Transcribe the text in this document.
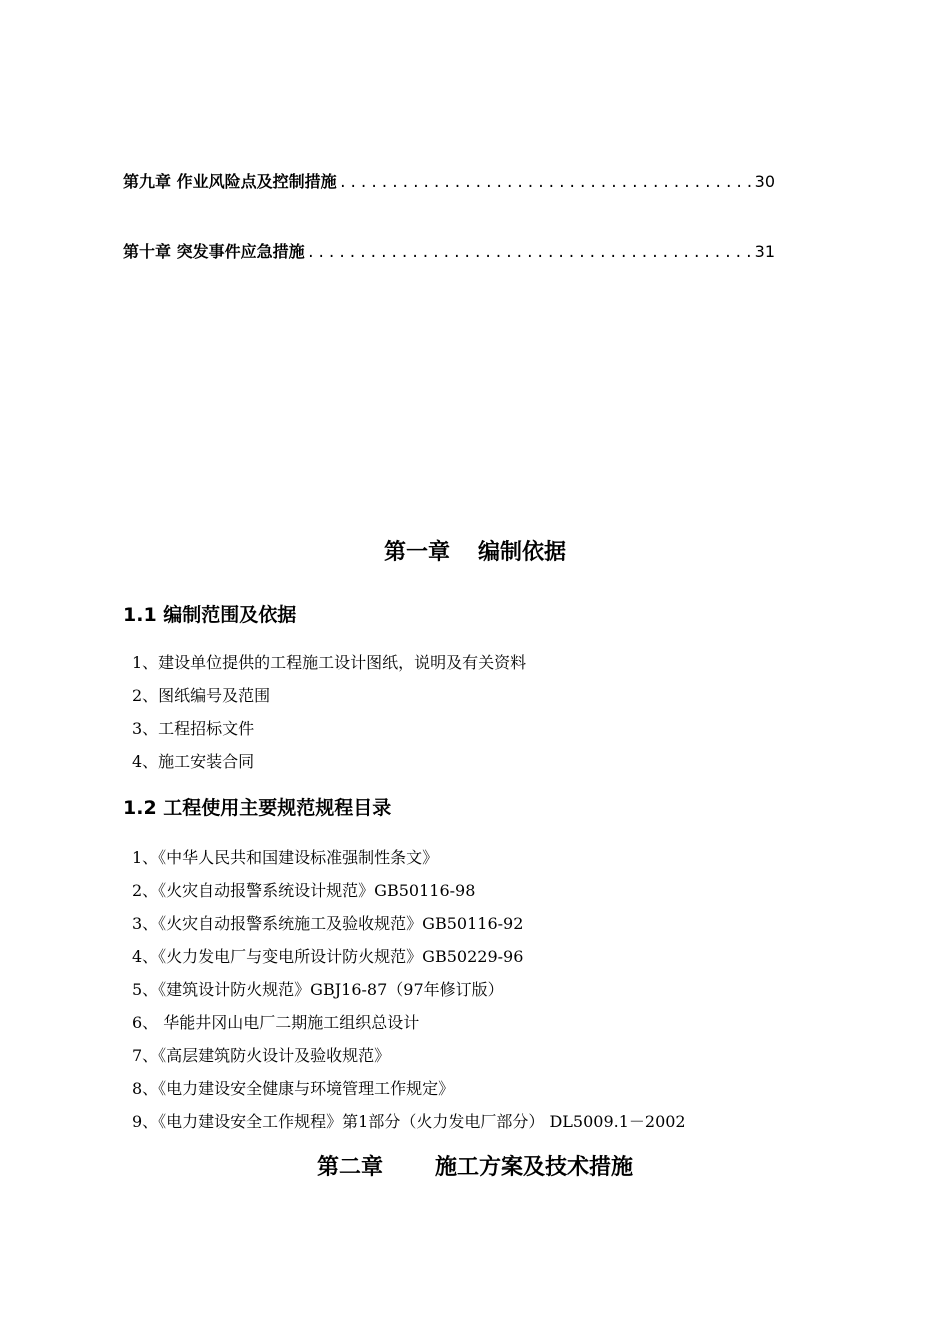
第九章 作业风险点及控制措施 .....	30
第十章 突发事件应急措施 .....	31
第一章 编制依据
1.1 编制范围及依据
1、建设单位提供的工程施工设计图纸，说明及有关资料
2、图纸编号及范围
3、工程招标文件
4、施工安装合同
1.2 工程使用主要规范规程目录
1、《中华人民共和国建设标准强制性条文》
2、《火灾自动报警系统设计规范》GB50116-98
3、《火灾自动报警系统施工及验收规范》GB50116-92
4、《火力发电厂与变电所设计防火规范》GB50229-96
5、《建筑设计防火规范》GBJ16-87（97年修订版）
6、 华能井冈山电厂二期施工组织总设计
7、《高层建筑防火设计及验收规范》
8、《电力建设安全健康与环境管理工作规定》
9、《电力建设安全工作规程》第1部分（火力发电厂部分） DL5009.1－2002
第二章 施工方案及技术措施
